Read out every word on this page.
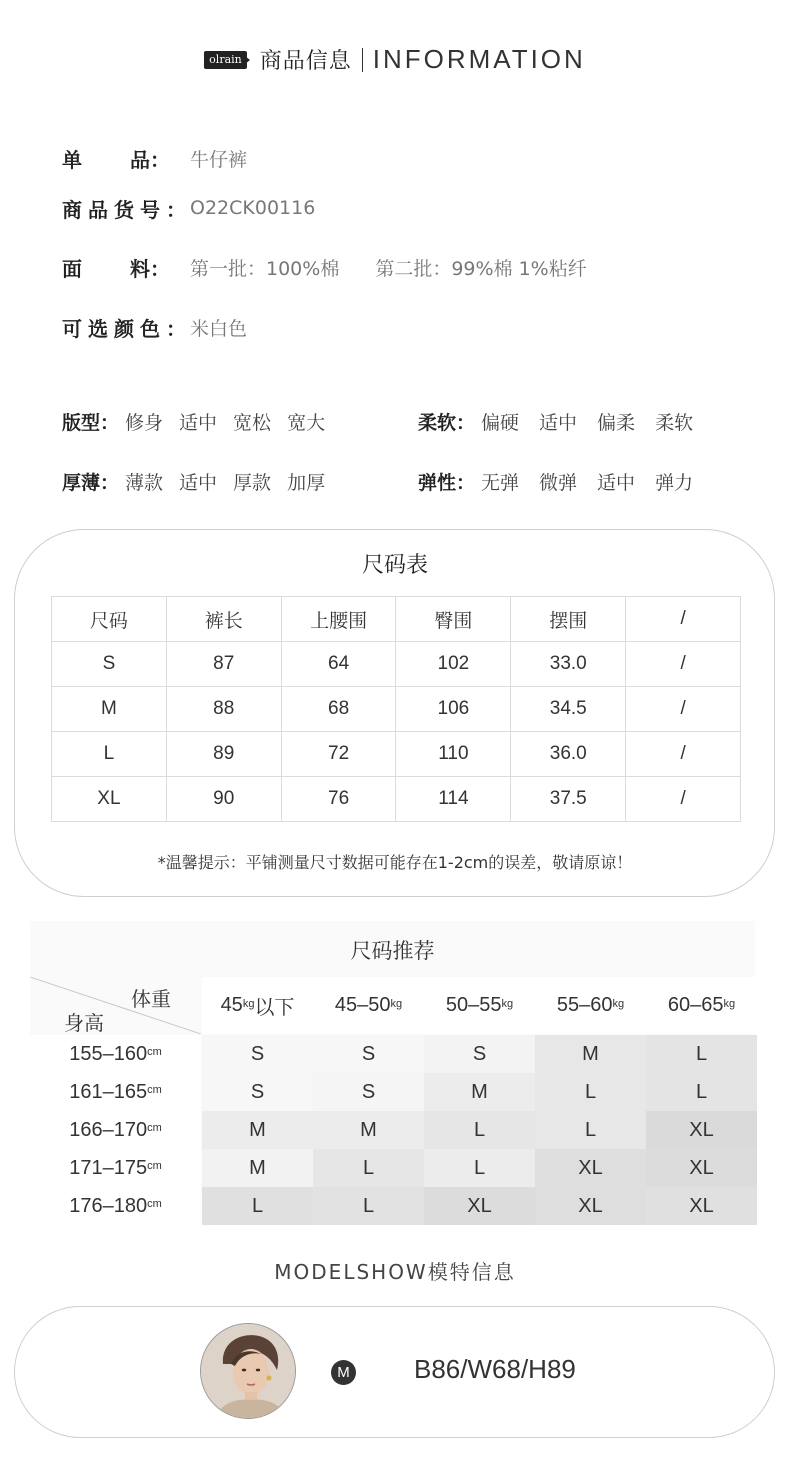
olrain 商品信息 INFORMATION
单 品 ： 牛仔裤
商 品 货 号 ： O22CK00116
面 料 ： 第一批：100%棉 第二批：99%棉 1%粘纤
可 选 颜 色 ： 米白色
版型： 修身 适中 宽松 宽大	柔软： 偏硬 适中 偏柔 柔软
厚薄： 薄款 适中 厚款 加厚	弹性： 无弹 微弹 适中 弹力
尺码表
尺码	裤长	上腰围	臀围	摆围	/
S	87	64	102	33.0	/
M	88	68	106	34.5	/
L	89	72	110	36.0	/
XL	90	76	114	37.5	/
*温馨提示：平铺测量尺寸数据可能存在1-2cm的误差，敬请原谅！
尺码推荐
体重
身高
$45^{kg}$ 以下 $45-50^{kg}$ $50-55^{kg}$ $55-60^{kg}$ $60-65^{kg}$
$155-160^{cm}$	S	S	S	M	L
$161-165^{cm}$	S	S	M	L	L
$166-170^{cm}$	M	M	L	L	XL
$171-175^{cm}$	M	L	L	XL	XL
$176-180^{cm}$	L	L	XL	XL	XL
MODELSHOW模特信息
M B86/W68/H89
